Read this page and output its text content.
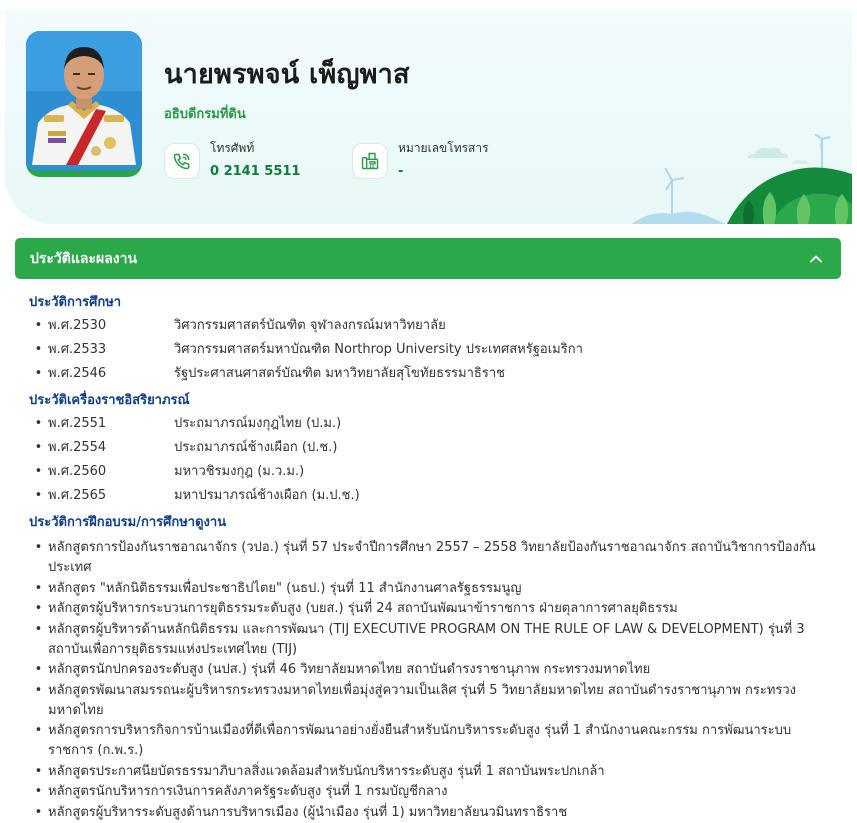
นายพรพจน์ เพ็ญพาส
อธิบดีกรมที่ดิน
โทรศัพท์
0 2141 5511
หมายเลขโทรสาร
-
ประวัติและผลงาน
ประวัติการศึกษา
• พ.ศ.2530	วิศวกรรมศาสตร์บัณฑิต จุฬาลงกรณ์มหาวิทยาลัย
• พ.ศ.2533	วิศวกรรมศาสตร์มหาบัณฑิต Northrop University ประเทศสหรัฐอเมริกา
• พ.ศ.2546	รัฐประศาสนศาสตร์บัณฑิต มหาวิทยาลัยสุโขทัยธรรมาธิราช
ประวัติเครื่องราชอิสริยาภรณ์
• พ.ศ.2551	ประถมาภรณ์มงกุฎไทย (ป.ม.)
• พ.ศ.2554	ประถมาภรณ์ช้างเผือก (ป.ช.)
• พ.ศ.2560	มหาวชิรมงกุฎ (ม.ว.ม.)
• พ.ศ.2565	มหาปรมาภรณ์ช้างเผือก (ม.ป.ช.)
ประวัติการฝึกอบรม/การศึกษาดูงาน
• หลักสูตรการป้องกันราชอาณาจักร (วปอ.) รุ่นที่ 57 ประจำปีการศึกษา 2557 – 2558 วิทยาลัยป้องกันราชอาณาจักร สถาบันวิชาการป้องกันประเทศ
• หลักสูตร "หลักนิติธรรมเพื่อประชาธิปไตย" (นธป.) รุ่นที่ 11 สำนักงานศาลรัฐธรรมนูญ
• หลักสูตรผู้บริหารกระบวนการยุติธรรมระดับสูง (บยส.) รุ่นที่ 24 สถาบันพัฒนาข้าราชการ ฝ่ายตุลาการศาลยุติธรรม
• หลักสูตรผู้บริหารด้านหลักนิติธรรม และการพัฒนา (TIJ EXECUTIVE PROGRAM ON THE RULE OF LAW & DEVELOPMENT) รุ่นที่ 3 สถาบันเพื่อการยุติธรรมแห่งประเทศไทย (TIJ)
• หลักสูตรนักปกครองระดับสูง (นปส.) รุ่นที่ 46 วิทยาลัยมหาดไทย สถาบันดำรงราชานุภาพ กระทรวงมหาดไทย
• หลักสูตรพัฒนาสมรรถนะผู้บริหารกระทรวงมหาดไทยเพื่อมุ่งสู่ความเป็นเลิศ รุ่นที่ 5 วิทยาลัยมหาดไทย สถาบันดำรงราชานุภาพ กระทรวงมหาดไทย
• หลักสูตรการบริหารกิจการบ้านเมืองที่ดีเพื่อการพัฒนาอย่างยั่งยืนสำหรับนักบริหารระดับสูง รุ่นที่ 1 สำนักงานคณะกรรม การพัฒนาระบบราชการ (ก.พ.ร.)
• หลักสูตรประกาศนียบัตรธรรมาภิบาลสิ่งแวดล้อมสำหรับนักบริหารระดับสูง รุ่นที่ 1 สถาบันพระปกเกล้า
• หลักสูตรนักบริหารการเงินการคลังภาครัฐระดับสูง รุ่นที่ 1 กรมบัญชีกลาง
• หลักสูตรผู้บริหารระดับสูงด้านการบริหารเมือง (ผู้นำเมือง รุ่นที่ 1) มหาวิทยาลัยนวมินทราธิราช
